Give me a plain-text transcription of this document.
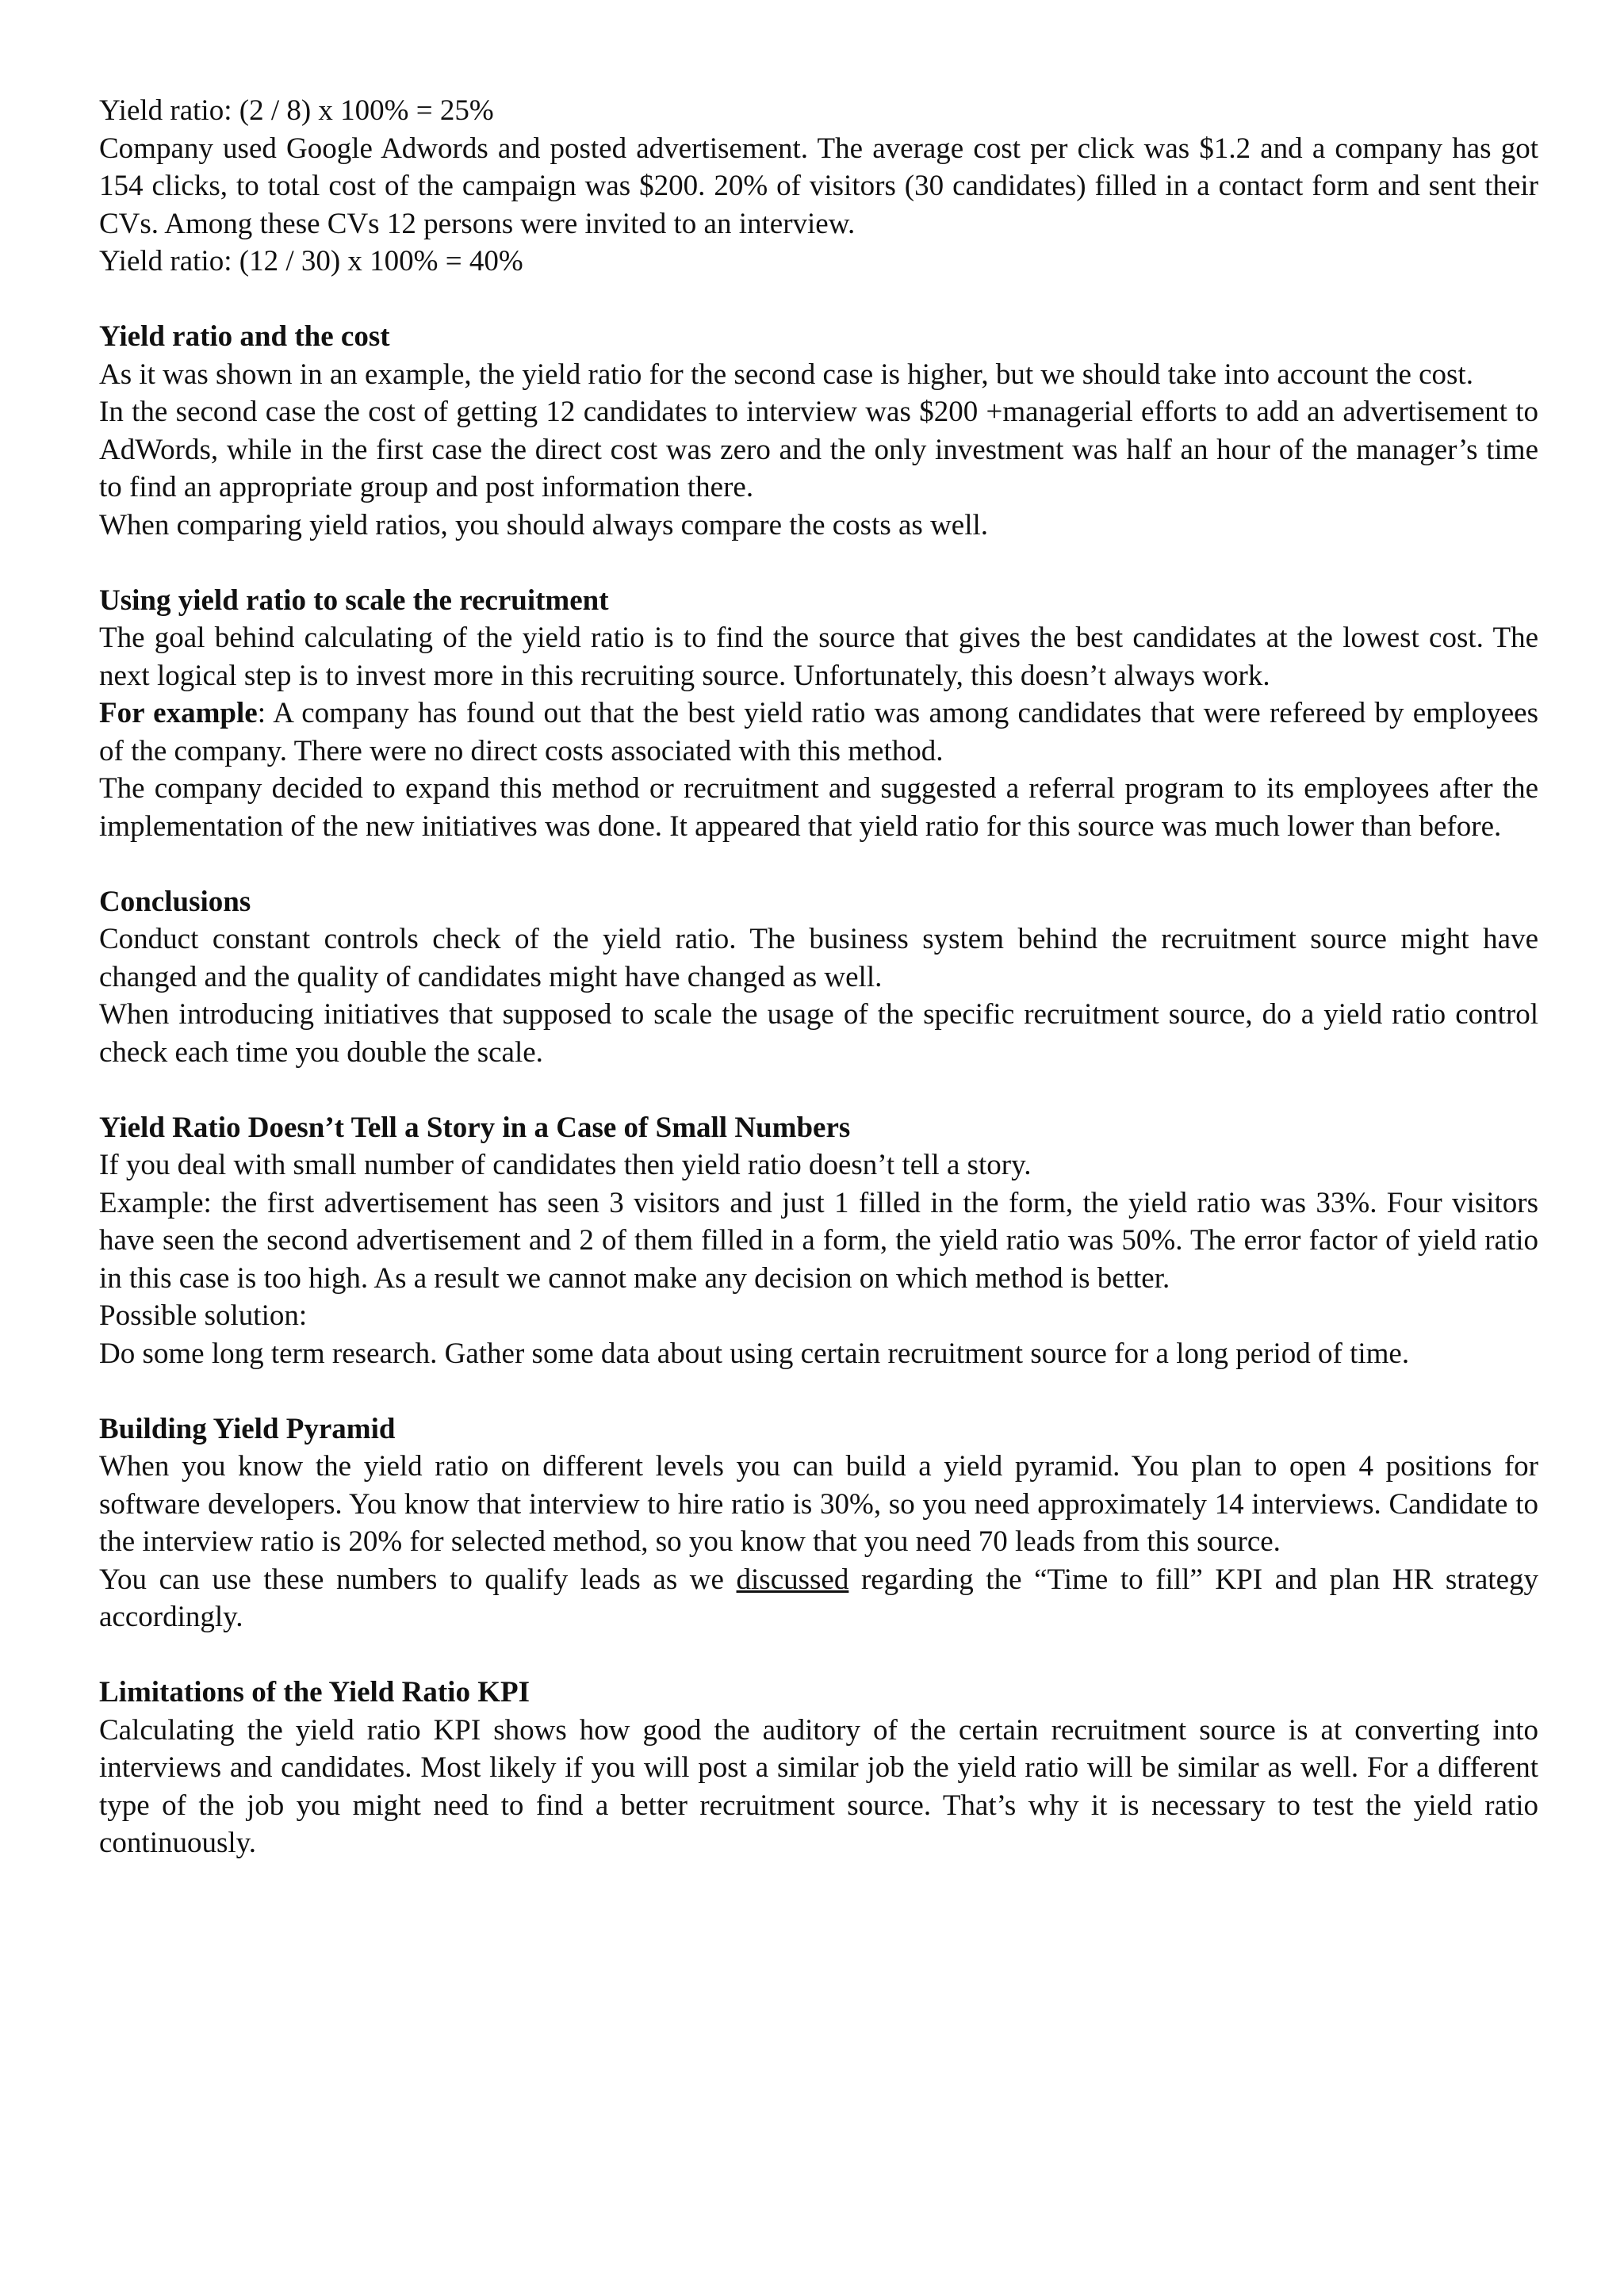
Yield ratio: (2 / 8) x 100% = 25%

Company used Google Adwords and posted advertisement. The average cost per click was $1.2 and a company has got 154 clicks, to total cost of the campaign was $200. 20% of visitors (30 candidates) filled in a contact form and sent their CVs. Among these CVs 12 persons were invited to an interview.

Yield ratio: (12 / 30) x 100% = 40%

Yield ratio and the cost

As it was shown in an example, the yield ratio for the second case is higher, but we should take into account the cost.

In the second case the cost of getting 12 candidates to interview was $200 +managerial efforts to add an advertisement to AdWords, while in the first case the direct cost was zero and the only investment was half an hour of the manager’s time to find an appropriate group and post information there.

When comparing yield ratios, you should always compare the costs as well.

Using yield ratio to scale the recruitment

The goal behind calculating of the yield ratio is to find the source that gives the best candidates at the lowest cost. The next logical step is to invest more in this recruiting source. Unfortunately, this doesn’t always work.

For example: A company has found out that the best yield ratio was among candidates that were refereed by employees of the company. There were no direct costs associated with this method.

The company decided to expand this method or recruitment and suggested a referral program to its employees after the implementation of the new initiatives was done. It appeared that yield ratio for this source was much lower than before.

Conclusions

Conduct constant controls check of the yield ratio. The business system behind the recruitment source might have changed and the quality of candidates might have changed as well.

When introducing initiatives that supposed to scale the usage of the specific recruitment source, do a yield ratio control check each time you double the scale.

Yield Ratio Doesn’t Tell a Story in a Case of Small Numbers

If you deal with small number of candidates then yield ratio doesn’t tell a story.

Example: the first advertisement has seen 3 visitors and just 1 filled in the form, the yield ratio was 33%. Four visitors have seen the second advertisement and 2 of them filled in a form, the yield ratio was 50%. The error factor of yield ratio in this case is too high. As a result we cannot make any decision on which method is better.

Possible solution:

Do some long term research. Gather some data about using certain recruitment source for a long period of time.

Building Yield Pyramid

When you know the yield ratio on different levels you can build a yield pyramid. You plan to open 4 positions for software developers. You know that interview to hire ratio is 30%, so you need approximately 14 interviews. Candidate to the interview ratio is 20% for selected method, so you know that you need 70 leads from this source.

You can use these numbers to qualify leads as we discussed regarding the “Time to fill” KPI and plan HR strategy accordingly.

Limitations of the Yield Ratio KPI

Calculating the yield ratio KPI shows how good the auditory of the certain recruitment source is at converting into interviews and candidates. Most likely if you will post a similar job the yield ratio will be similar as well. For a different type of the job you might need to find a better recruitment source. That’s why it is necessary to test the yield ratio continuously.
